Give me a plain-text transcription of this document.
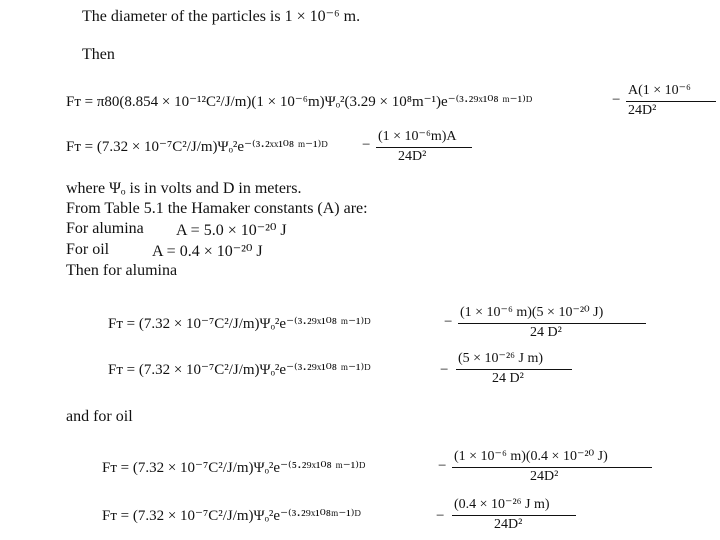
The diameter of the particles is 1 × 10⁻⁶ m.
Then
Fᴛ = π80(8.854 × 10⁻¹²C²/J/m)(1 × 10⁻⁶m)Ψₒ²(3.29 × 10⁸m⁻¹)e⁻⁽³·²⁹ˣ¹⁰⁸ ᵐ⁻¹⁾ᴰ	−
A(1 × 10⁻⁶
24D²
Fᴛ = (7.32 × 10⁻⁷C²/J/m)Ψₒ²e⁻⁽³·²ˣˣ¹⁰⁸ ᵐ⁻¹⁾ᴰ −
(1 × 10⁻⁶m)A
24D²
where Ψₒ is in volts and D in meters.
From Table 5.1 the Hamaker constants (A) are:
For alumina A = 5.0 × 10⁻²⁰ J
For oil	A = 0.4 × 10⁻²⁰ J
Then for alumina
Fᴛ = (7.32 × 10⁻⁷C²/J/m)Ψₒ²e⁻⁽³·²⁹ˣ¹⁰⁸ ᵐ⁻¹⁾ᴰ	−
(1 × 10⁻⁶ m)(5 × 10⁻²⁰ J)
24 D²
Fᴛ = (7.32 × 10⁻⁷C²/J/m)Ψₒ²e⁻⁽³·²⁹ˣ¹⁰⁸ ᵐ⁻¹⁾ᴰ	−
(5 × 10⁻²⁶ J m)
24 D²
and for oil
Fᴛ = (7.32 × 10⁻⁷C²/J/m)Ψₒ²e⁻⁽⁵·²⁹ˣ¹⁰⁸ ᵐ⁻¹⁾ᴰ	−
(1 × 10⁻⁶ m)(0.4 × 10⁻²⁰ J)
24D²
Fᴛ = (7.32 × 10⁻⁷C²/J/m)Ψₒ²e⁻⁽³·²⁹ˣ¹⁰⁸ᵐ⁻¹⁾ᴰ	−
(0.4 × 10⁻²⁶ J m)
24D²
